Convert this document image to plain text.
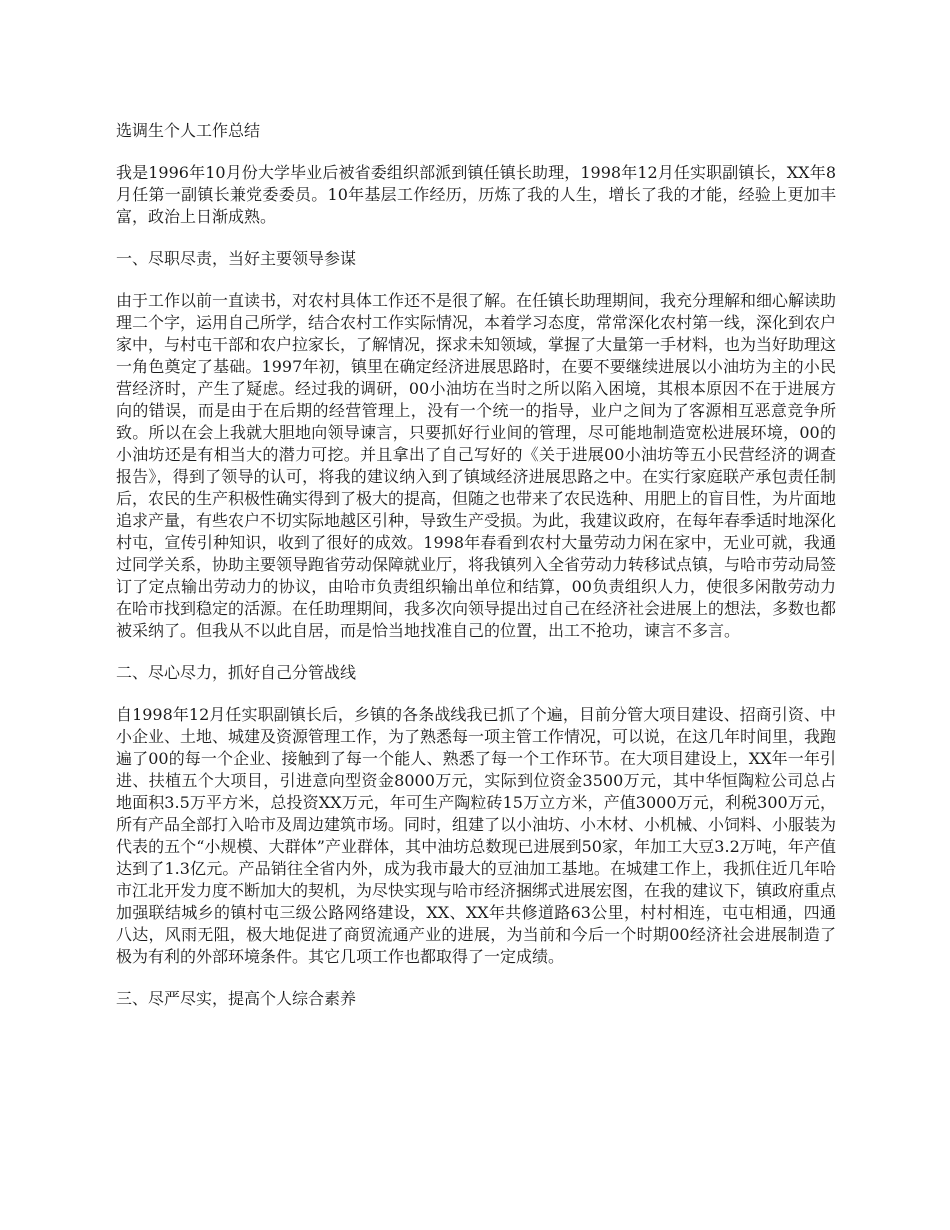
选调生个人工作总结

我是1996年10月份大学毕业后被省委组织部派到镇任镇长助理，1998年12月任实职副镇长，XX年8月任第一副镇长兼党委委员。10年基层工作经历，历炼了我的人生，增长了我的才能，经验上更加丰富，政治上日渐成熟。

一、尽职尽责，当好主要领导参谋

由于工作以前一直读书，对农村具体工作还不是很了解。在任镇长助理期间，我充分理解和细心解读助理二个字，运用自己所学，结合农村工作实际情况，本着学习态度，常常深化农村第一线，深化到农户家中，与村屯干部和农户拉家长，了解情况，探求未知领域，掌握了大量第一手材料，也为当好助理这一角色奠定了基础。1997年初，镇里在确定经济进展思路时，在要不要继续进展以小油坊为主的小民营经济时，产生了疑虑。经过我的调研，00小油坊在当时之所以陷入困境，其根本原因不在于进展方向的错误，而是由于在后期的经营管理上，没有一个统一的指导，业户之间为了客源相互恶意竞争所致。所以在会上我就大胆地向领导谏言，只要抓好行业间的管理，尽可能地制造宽松进展环境，00的小油坊还是有相当大的潜力可挖。并且拿出了自己写好的《关于进展00小油坊等五小民营经济的调查报告》，得到了领导的认可，将我的建议纳入到了镇域经济进展思路之中。在实行家庭联产承包责任制后，农民的生产积极性确实得到了极大的提高，但随之也带来了农民选种、用肥上的盲目性，为片面地追求产量，有些农户不切实际地越区引种，导致生产受损。为此，我建议政府，在每年春季适时地深化村屯，宣传引种知识，收到了很好的成效。1998年春看到农村大量劳动力闲在家中，无业可就，我通过同学关系，协助主要领导跑省劳动保障就业厅，将我镇列入全省劳动力转移试点镇，与哈市劳动局签订了定点输出劳动力的协议，由哈市负责组织输出单位和结算，00负责组织人力，使很多闲散劳动力在哈市找到稳定的活源。在任助理期间，我多次向领导提出过自己在经济社会进展上的想法，多数也都被采纳了。但我从不以此自居，而是恰当地找准自己的位置，出工不抢功，谏言不多言。

二、尽心尽力，抓好自己分管战线

自1998年12月任实职副镇长后，乡镇的各条战线我已抓了个遍，目前分管大项目建设、招商引资、中小企业、土地、城建及资源管理工作，为了熟悉每一项主管工作情况，可以说，在这几年时间里，我跑遍了00的每一个企业、接触到了每一个能人、熟悉了每一个工作环节。在大项目建设上，XX年一年引进、扶植五个大项目，引进意向型资金8000万元，实际到位资金3500万元，其中华恒陶粒公司总占地面积3.5万平方米，总投资XX万元，年可生产陶粒砖15万立方米，产值3000万元，利税300万元，所有产品全部打入哈市及周边建筑市场。同时，组建了以小油坊、小木材、小机械、小饲料、小服装为代表的五个“小规模、大群体”产业群体，其中油坊总数现已进展到50家，年加工大豆3.2万吨，年产值达到了1.3亿元。产品销往全省内外，成为我市最大的豆油加工基地。在城建工作上，我抓住近几年哈市江北开发力度不断加大的契机，为尽快实现与哈市经济捆绑式进展宏图，在我的建议下，镇政府重点加强联结城乡的镇村屯三级公路网络建设，XX、XX年共修道路63公里，村村相连，屯屯相通，四通八达，风雨无阻，极大地促进了商贸流通产业的进展，为当前和今后一个时期00经济社会进展制造了极为有利的外部环境条件。其它几项工作也都取得了一定成绩。

三、尽严尽实，提高个人综合素养
